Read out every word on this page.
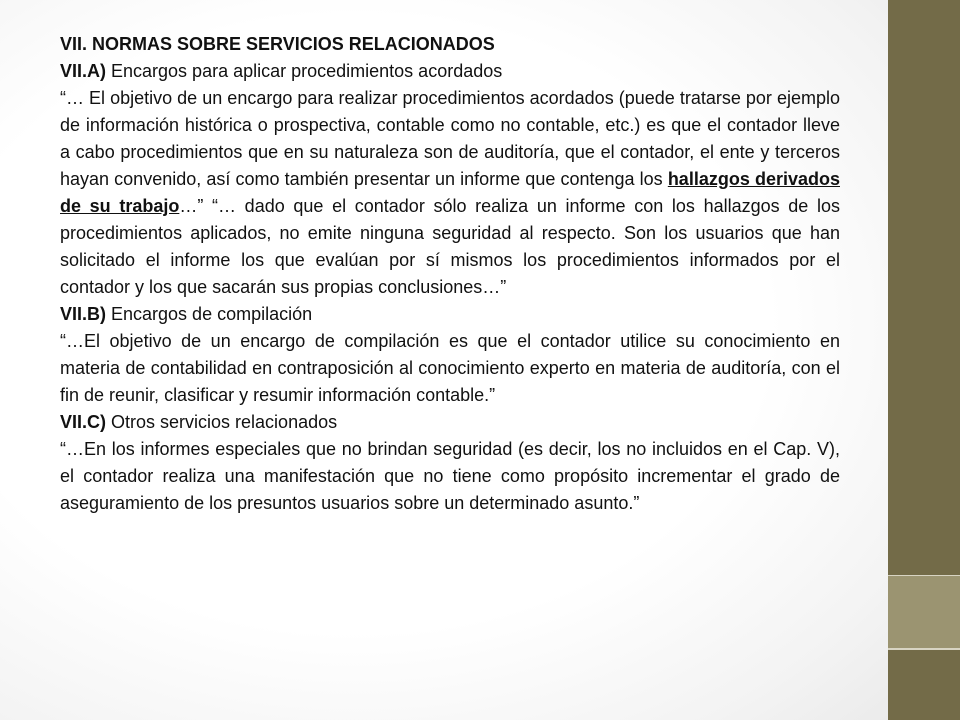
VII. NORMAS SOBRE SERVICIOS RELACIONADOS

VII.A) Encargos para aplicar procedimientos acordados

“… El objetivo de un encargo para realizar procedimientos acordados (puede tratarse por ejemplo de información histórica o prospectiva, contable como no contable, etc.) es que el contador lleve a cabo procedimientos que en su naturaleza son de auditoría, que el contador, el ente y terceros hayan convenido, así como también presentar un informe que contenga los hallazgos derivados de su trabajo…” “… dado que el contador sólo realiza un informe con los hallazgos de los procedimientos aplicados, no emite ninguna seguridad al respecto. Son los usuarios que han solicitado el informe los que evalúan por sí mismos los procedimientos informados por el contador y los que sacarán sus propias conclusiones…”

VII.B) Encargos de compilación

“…El objetivo de un encargo de compilación es que el contador utilice su conocimiento en materia de contabilidad en contraposición al conocimiento experto en materia de auditoría, con el fin de reunir, clasificar y resumir información contable.”

VII.C) Otros servicios relacionados

“…En los informes especiales que no brindan seguridad (es decir, los no incluidos en el Cap. V), el contador realiza una manifestación que no tiene como propósito incrementar el grado de aseguramiento de los presuntos usuarios sobre un determinado asunto.”
